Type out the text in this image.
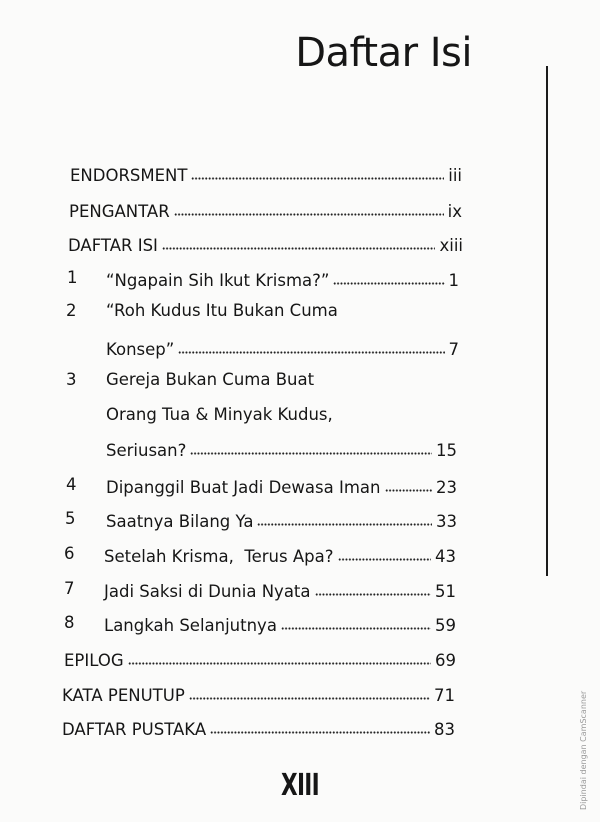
Daftar Isi
ENDORSMENT	iii
PENGANTAR	ix
DAFTAR ISI	xiii
1 “Ngapain Sih Ikut Krisma?”	1
2 “Roh Kudus Itu Bukan Cuma
Konsep”	7
3 Gereja Bukan Cuma Buat
Orang Tua & Minyak Kudus,
Seriusan?	15
4 Dipanggil Buat Jadi Dewasa Iman	23
5 Saatnya Bilang Ya	33
6 Setelah Krisma,  Terus Apa?	43
7 Jadi Saksi di Dunia Nyata	51
8 Langkah Selanjutnya	59
EPILOG	69
KATA PENUTUP	71
DAFTAR PUSTAKA	83
XIII	Dipindai dengan CamScanner
